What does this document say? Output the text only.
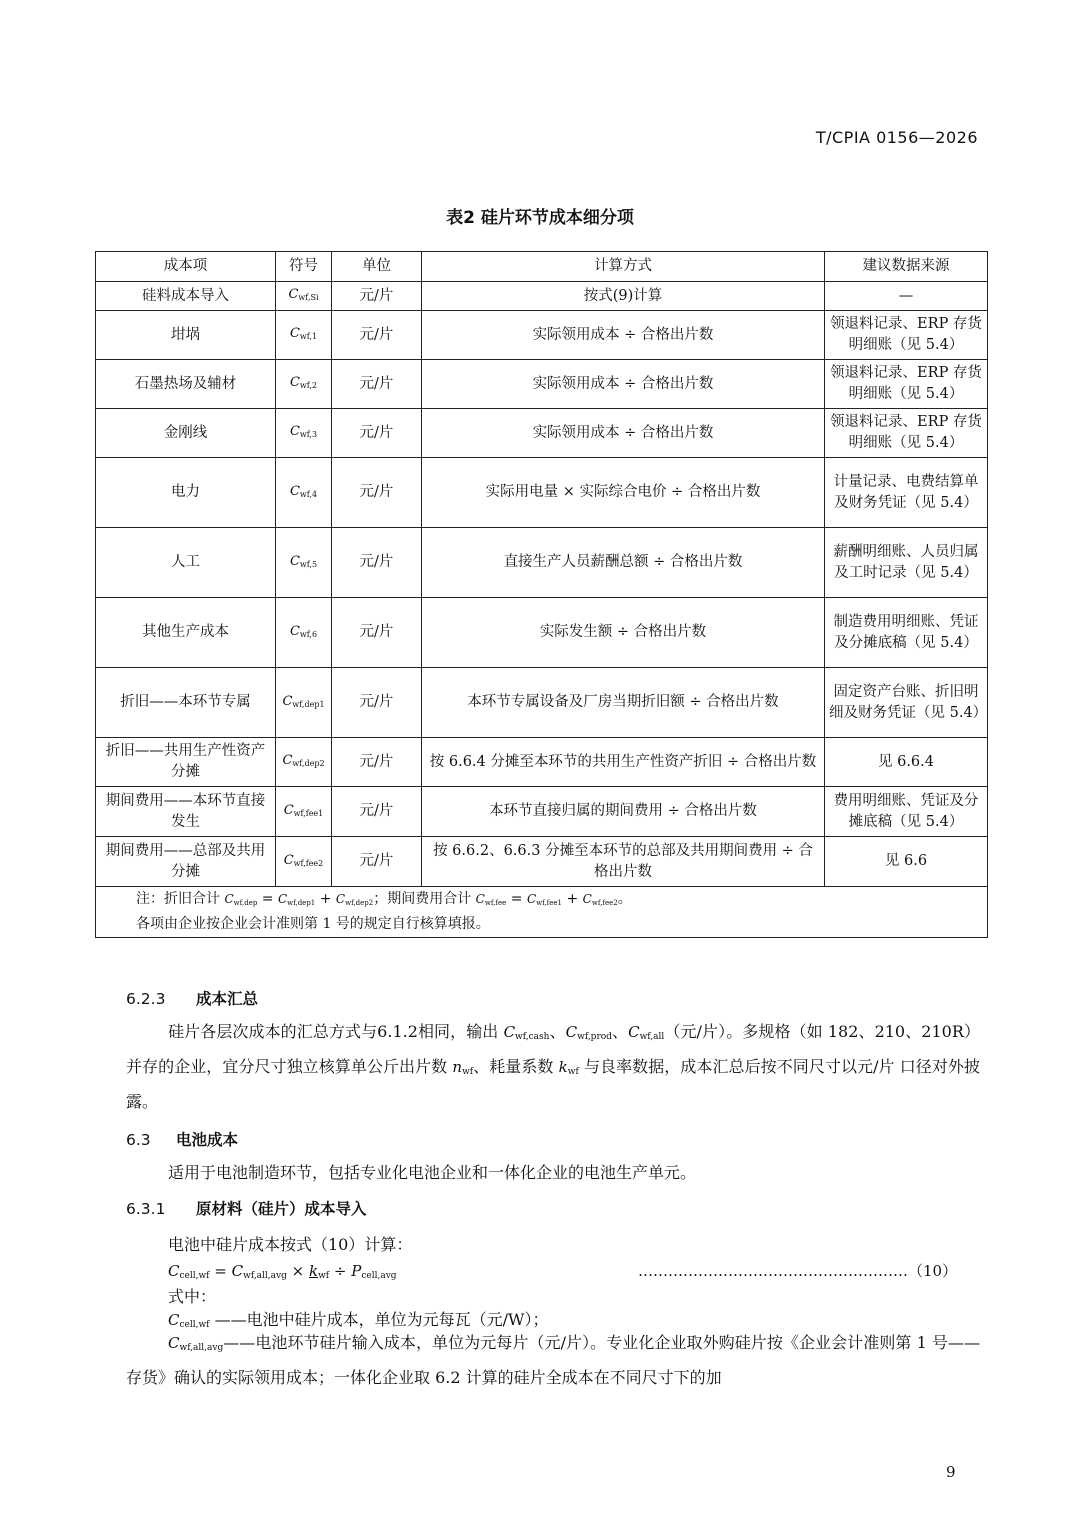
T/CPIA 0156—2026
表2 硅片环节成本细分项
成本项	符号	单位	计算方式	建议数据来源
硅料成本导入	$C_{wf,Si}$	元/片	按式(9)计算	—
坩埚	$C_{wf,1}$	元/片	实际领用成本 ÷ 合格出片数	领退料记录、ERP 存货明细账（见 5.4）
石墨热场及辅材	$C_{wf,2}$	元/片	实际领用成本 ÷ 合格出片数	领退料记录、ERP 存货明细账（见 5.4）
金刚线	$C_{wf,3}$	元/片	实际领用成本 ÷ 合格出片数	领退料记录、ERP 存货明细账（见 5.4）
电力	$C_{wf,4}$	元/片	实际用电量 × 实际综合电价 ÷ 合格出片数	计量记录、电费结算单及财务凭证（见 5.4）
人工	$C_{wf,5}$	元/片	直接生产人员薪酬总额 ÷ 合格出片数	薪酬明细账、人员归属及工时记录（见 5.4）
其他生产成本	$C_{wf,6}$	元/片	实际发生额 ÷ 合格出片数	制造费用明细账、凭证及分摊底稿（见 5.4）
折旧——本环节专属	$C_{wf,dep1}$	元/片	本环节专属设备及厂房当期折旧额 ÷ 合格出片数	固定资产台账、折旧明细及财务凭证（见 5.4）
折旧——共用生产性资产分摊	$C_{wf,dep2}$	元/片	按 6.6.4 分摊至本环节的共用生产性资产折旧 ÷ 合格出片数	见 6.6.4
期间费用——本环节直接发生	$C_{wf,fee1}$	元/片	本环节直接归属的期间费用 ÷ 合格出片数	费用明细账、凭证及分摊底稿（见 5.4）
期间费用——总部及共用分摊	$C_{wf,fee2}$	元/片	按 6.6.2、6.6.3 分摊至本环节的总部及共用期间费用 ÷ 合格出片数	见 6.6
注：折旧合计 $C_{wf,dep} = C_{wf,dep1} + C_{wf,dep2}$；期间费用合计 $C_{wf,fee} = C_{wf,fee1} + C_{wf,fee2}$。
各项由企业按企业会计准则第 1 号的规定自行核算填报。				
6.2.3 成本汇总
硅片各层次成本的汇总方式与6.1.2相同，输出 Cwf,cash、Cwf,prod、Cwf,all（元/片）。多规格（如 182、210、210R）并存的企业，宜分尺寸独立核算单公斤出片数 nwf、耗量系数 kwf 与良率数据，成本汇总后按不同尺寸以元/片 口径对外披露。
6.3 电池成本
适用于电池制造环节，包括专业化电池企业和一体化企业的电池生产单元。
6.3.1 原材料（硅片）成本导入
电池中硅片成本按式（10）计算：
Ccell,wf = Cwf,all,avg × kwf ÷ Pcell,avg	………………………………………………（10）
式中：
Ccell,wf ——电池中硅片成本，单位为元每瓦（元/W）；
Cwf,all,avg——电池环节硅片输入成本，单位为元每片（元/片）。专业化企业取外购硅片按《企业会计准则第 1 号——存货》确认的实际领用成本；一体化企业取 6.2 计算的硅片全成本在不同尺寸下的加
9
